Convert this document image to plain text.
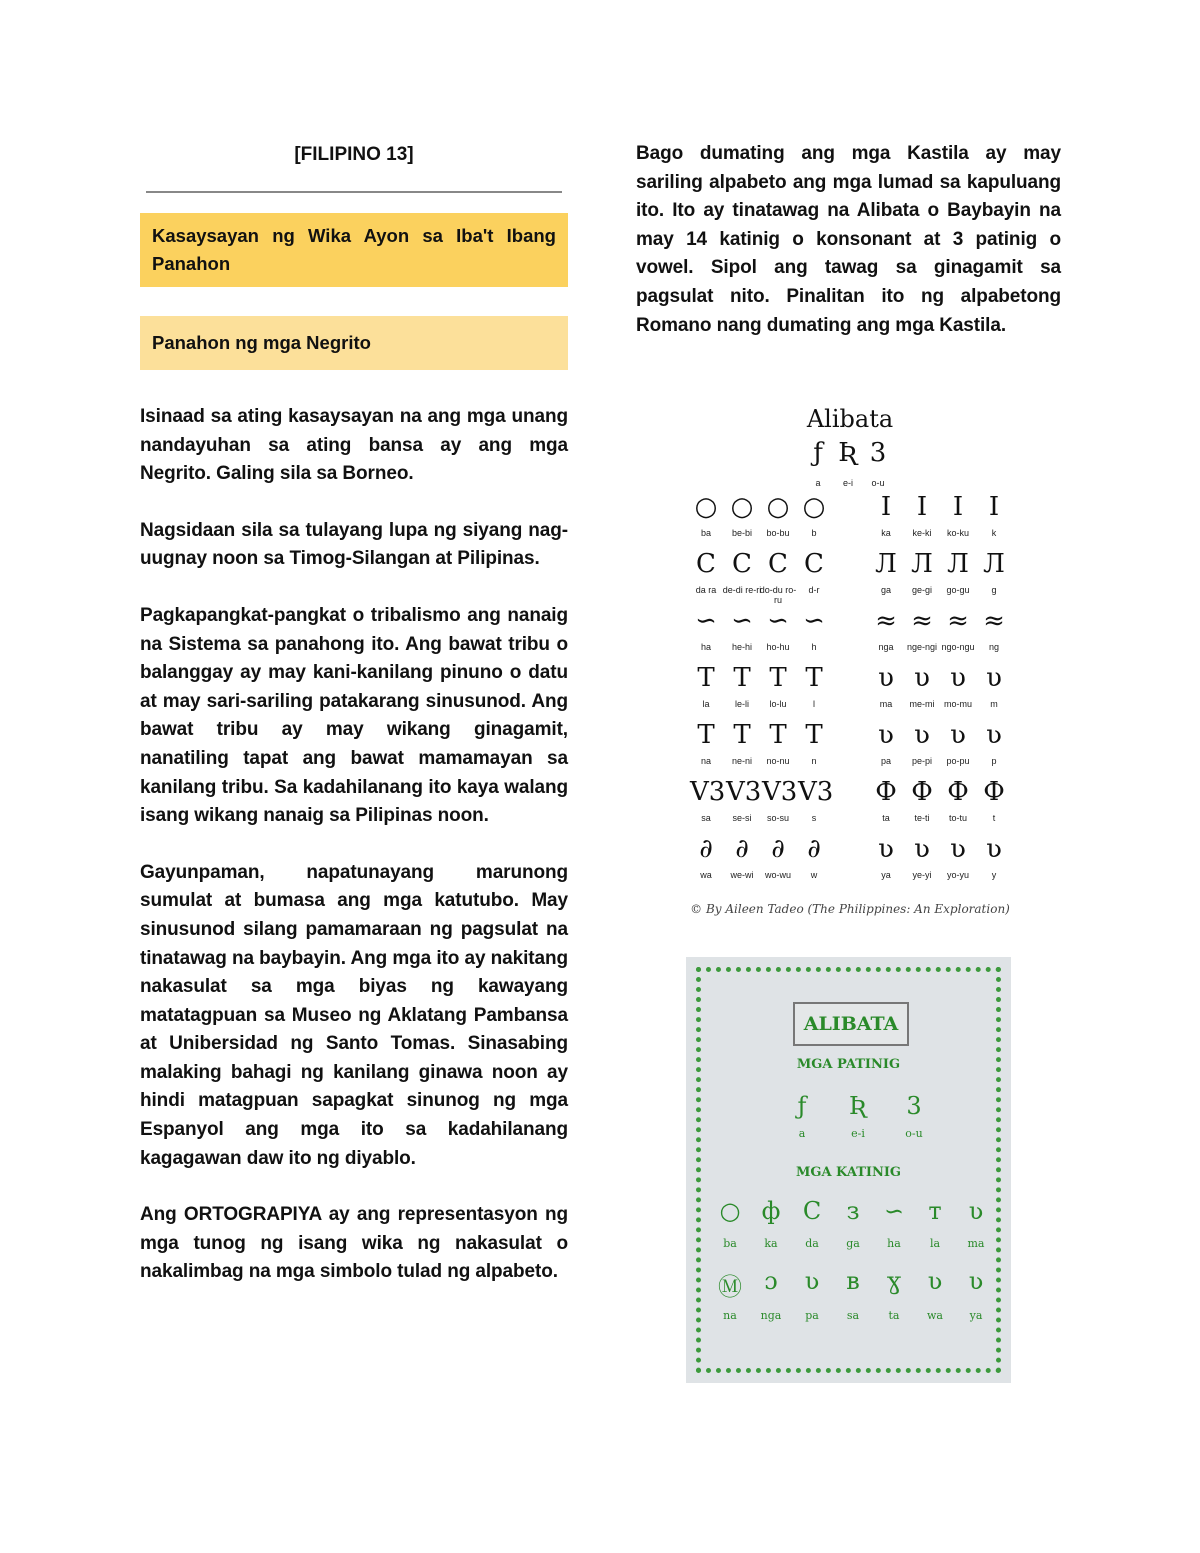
[FILIPINO 13]
Kasaysayan ng Wika Ayon sa Iba't Ibang Panahon
Panahon ng mga Negrito

Isinaad sa ating kasaysayan na ang mga unang nandayuhan sa ating bansa ay ang mga Negrito. Galing sila sa Borneo.

Nagsidaan sila sa tulayang lupa ng siyang nag-uugnay noon sa Timog-Silangan at Pilipinas.

Pagkapangkat-pangkat o tribalismo ang nanaig na Sistema sa panahong ito. Ang bawat tribu o balanggay ay may kani-kanilang pinuno o datu at may sari-sariling patakarang sinusunod. Ang bawat tribu ay may wikang ginagamit, nanatiling tapat ang bawat mamamayan sa kanilang tribu. Sa kadahilanang ito kaya walang isang wikang nanaig sa Pilipinas noon.

Gayunpaman, napatunayang marunong sumulat at bumasa ang mga katutubo. May sinusunod silang pamamaraan ng pagsulat na tinatawag na baybayin. Ang mga ito ay nakitang nakasulat sa mga biyas ng kawayang matatagpuan sa Museo ng Aklatang Pambansa at Unibersidad ng Santo Tomas. Sinasabing malaking bahagi ng kanilang ginawa noon ay hindi matagpuan sapagkat sinunog ng mga Espanyol ang mga ito sa kadahilanang kagagawan daw ito ng diyablo.

Ang ORTOGRAPIYA ay ang representasyon ng mga tunog ng isang wika ng nakasulat o nakalimbag na mga simbolo tulad ng alpabeto.

Bago dumating ang mga Kastila ay may sariling alpabeto ang mga lumad sa kapuluang ito. Ito ay tinatawag na Alibata o Baybayin na may 14 katinig o konsonant at 3 patinig o vowel. Sipol ang tawag sa ginagamit sa pagsulat nito. Pinalitan ito ng alpabetong Romano nang dumating ang mga Kastila.

Alibata
ƒ
a
Ʀ
e-i
3
o-u
○
ba
○
be-bi
○
bo-bu
○
b
С
da ra
С
de-di re-ri
С
do-du ro-ru
С
d-r
∽
ha
∽
he-hi
∽
ho-hu
∽
h
Τ
la
Τ
le-li
Τ
lo-lu
Τ
l
Τ
na
Τ
ne-ni
Τ
no-nu
Τ
n
V3
sa
V3
se-si
V3
so-su
V3
s
∂
wa
∂
we-wi
∂
wo-wu
∂
w
I
ka
I
ke-ki
I
ko-ku
I
k
Л
ga
Л
ge-gi
Л
go-gu
Л
g
≈
nga
≈
nge-ngi
≈
ngo-ngu
≈
ng
υ
ma
υ
me-mi
υ
mo-mu
υ
m
ʋ
pa
ʋ
pe-pi
ʋ
po-pu
ʋ
p
Ф
ta
Ф
te-ti
Ф
to-tu
Ф
t
ʋ
ya
ʋ
ye-yi
ʋ
yo-yu
ʋ
y
© By Aileen Tadeo (The Philippines: An Exploration)
ALIBATA
MGA PATINIG
ƒ
a
Ʀ
e-i
3
o-u
MGA KATINIG
○
ba
ф
ka
С
da
з
ga
∽
ha
т
la
ʋ
ma
Ⓜ
na
ɔ
nga
ʋ
pa
в
sa
ɣ
ta
ʋ
wa
ʋ
ya
